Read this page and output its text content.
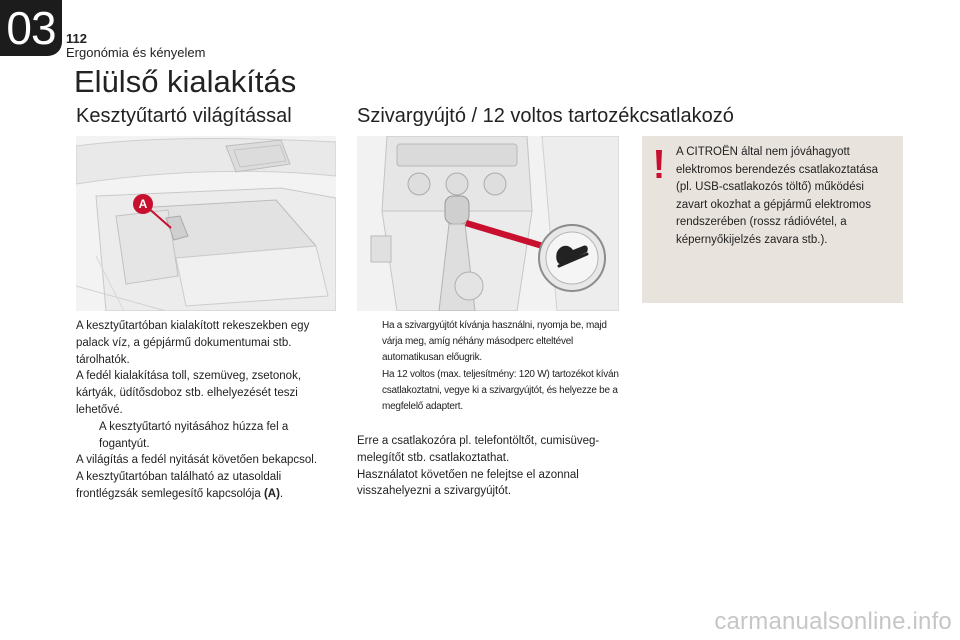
03 112
Ergonómia és kényelem
Elülső kialakítás
Kesztyűtartó világítással	Szivargyújtó / 12 voltos tartozékcsatlakozó
A
A CITROËN által nem jóváhagyott elektromos berendezés csatlakoztatása (pl. USB-csatlakozós töltő) működési zavart okozhat a gépjármű elektromos rendszerében (rossz rádióvétel, a képernyőkijelzés zavara stb.).

A kesztyűtartóban kialakított rekeszekben egy palack víz, a gépjármű dokumentumai stb. tárolhatók.

A fedél kialakítása toll, szemüveg, zsetonok, kártyák, üdítősdoboz stb. elhelyezését teszi lehetővé.

A kesztyűtartó nyitásához húzza fel a fogantyút.

A világítás a fedél nyitását követően bekapcsol.

A kesztyűtartóban található az utasoldali frontlégzsák semlegesítő kapcsolója (A).

Ha a szivargyújtót kívánja használni, nyomja be, majd várja meg, amíg néhány másodperc elteltével automatikusan előugrik.
Ha 12 voltos (max. teljesítmény: 120 W) tartozékot kíván csatlakoztatni, vegye ki a szivargyújtót, és helyezze be a megfelelő adaptert.

Erre a csatlakozóra pl. telefontöltőt, cumisüveg-melegítőt stb. csatlakoztathat.

Használatot követően ne felejtse el azonnal visszahelyezni a szivargyújtót.

carmanualsonline.info
